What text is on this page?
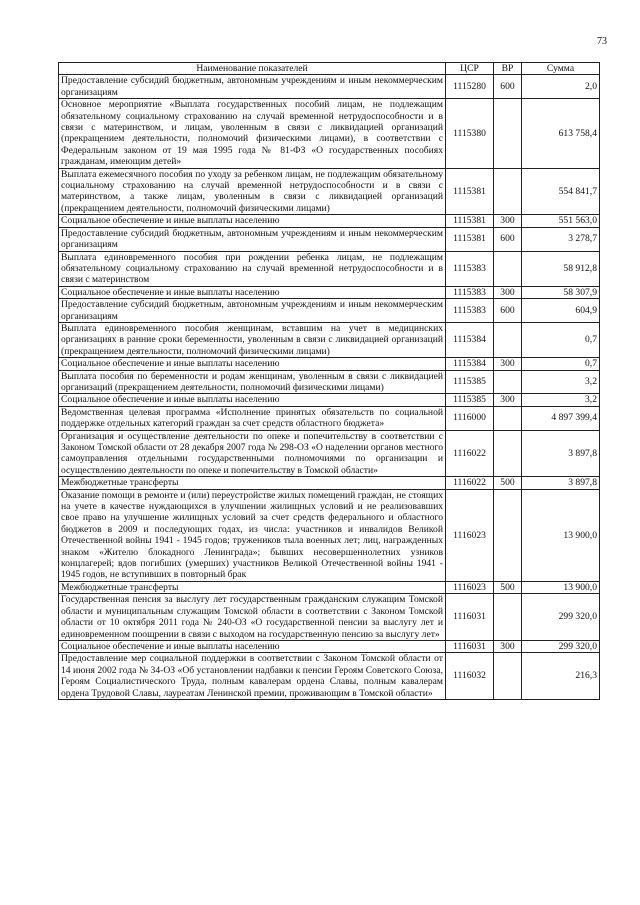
73
Наименование показателей	ЦСР	ВР	Сумма
Предоставление субсидий бюджетным, автономным учреждениям и иным некоммерческим организациям	1115280	600	2,0
Основное мероприятие «Выплата государственных пособий лицам, не подлежащим обязательному социальному страхованию на случай временной нетрудоспособности и в связи с материнством, и лицам, уволенным в связи с ликвидацией организаций (прекращением деятельности, полномочий физическими лицами), в соответствии с Федеральным законом от 19 мая 1995 года № 81-ФЗ «О государственных пособиях гражданам, имеющим детей»	1115380		613 758,4
Выплата ежемесячного пособия по уходу за ребенком лицам, не подлежащим обязательному социальному страхованию на случай временной нетрудоспособности и в связи с материнством, а также лицам, уволенным в связи с ликвидацией организаций (прекращением деятельности, полномочий физическими лицами)	1115381		554 841,7
Социальное обеспечение и иные выплаты населению	1115381	300	551 563,0
Предоставление субсидий бюджетным, автономным учреждениям и иным некоммерческим организациям	1115381	600	3 278,7
Выплата единовременного пособия при рождении ребенка лицам, не подлежащим обязательному социальному страхованию на случай временной нетрудоспособности и в связи с материнством	1115383		58 912,8
Социальное обеспечение и иные выплаты населению	1115383	300	58 307,9
Предоставление субсидий бюджетным, автономным учреждениям и иным некоммерческим организациям	1115383	600	604,9
Выплата единовременного пособия женщинам, вставшим на учет в медицинских организациях в ранние сроки беременности, уволенным в связи с ликвидацией организаций (прекращением деятельности, полномочий физическими лицами)	1115384		0,7
Социальное обеспечение и иные выплаты населению	1115384	300	0,7
Выплата пособия по беременности и родам женщинам, уволенным в связи с ликвидацией организаций (прекращением деятельности, полномочий физическими лицами)	1115385		3,2
Социальное обеспечение и иные выплаты населению	1115385	300	3,2
Ведомственная целевая программа «Исполнение принятых обязательств по социальной поддержке отдельных категорий граждан за счет средств областного бюджета»	1116000		4 897 399,4
Организация и осуществление деятельности по опеке и попечительству в соответствии с Законом Томской области от 28 декабря 2007 года № 298-ОЗ «О наделении органов местного самоуправления отдельными государственными полномочиями по организации и осуществлению деятельности по опеке и попечительству в Томской области»	1116022		3 897,8
Межбюджетные трансферты	1116022	500	3 897,8
Оказание помощи в ремонте и (или) переустройстве жилых помещений граждан, не стоящих на учете в качестве нуждающихся в улучшении жилищных условий и не реализовавших свое право на улучшение жилищных условий за счет средств федерального и областного бюджетов в 2009 и последующих годах, из числа: участников и инвалидов Великой Отечественной войны 1941 - 1945 годов; тружеников тыла военных лет; лиц, награжденных знаком «Жителю блокадного Ленинграда»; бывших несовершеннолетних узников концлагерей; вдов погибших (умерших) участников Великой Отечественной войны 1941 - 1945 годов, не вступивших в повторный брак	1116023		13 900,0
Межбюджетные трансферты	1116023	500	13 900,0
Государственная пенсия за выслугу лет государственным гражданским служащим Томской области и муниципальным служащим Томской области в соответствии с Законом Томской области от 10 октября 2011 года № 240-ОЗ «О государственной пенсии за выслугу лет и единовременном поощрении в связи с выходом на государственную пенсию за выслугу лет»	1116031		299 320,0
Социальное обеспечение и иные выплаты населению	1116031	300	299 320,0
Предоставление мер социальной поддержки в соответствии с Законом Томской области от 14 июня 2002 года № 34-ОЗ «Об установлении надбавки к пенсии Героям Советского Союза, Героям Социалистического Труда, полным кавалерам ордена Славы, полным кавалерам ордена Трудовой Славы, лауреатам Ленинской премии, проживающим в Томской области»	1116032		216,3
